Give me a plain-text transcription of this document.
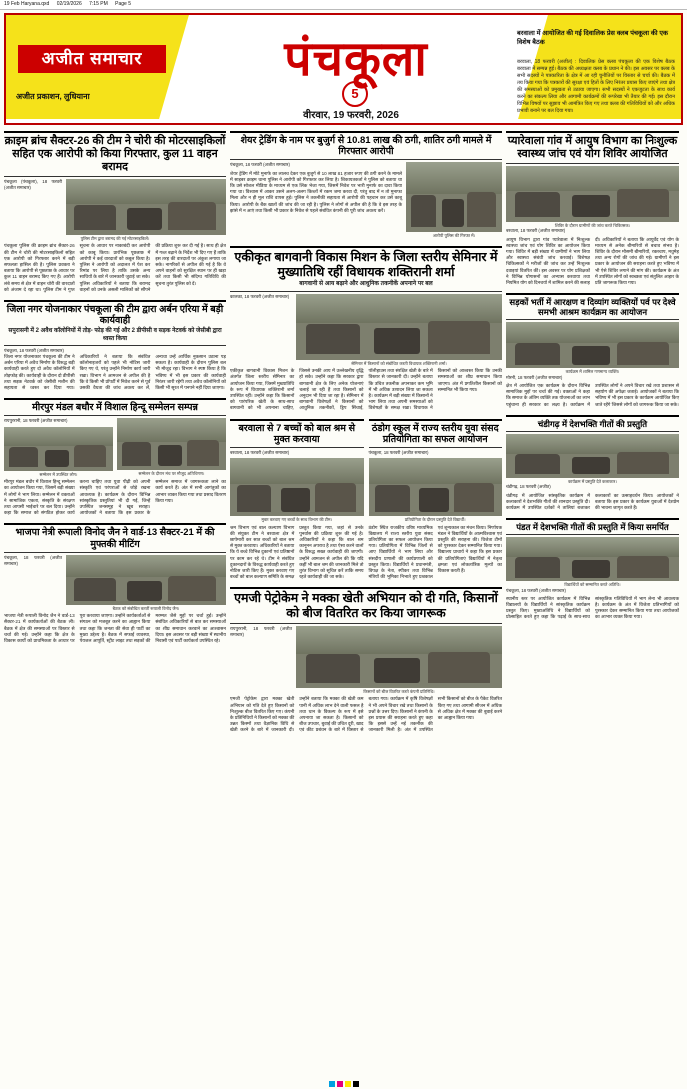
19 Feb Haryana.qxd 02/19/2026 7:15 PM Page 5
अजीत समाचार
अजीत प्रकाशन, लुधियाना
पंचकूला
5
वीरवार, 19 फरवरी, 2026
बरवाला में आयोजित की गई दिवालिक प्रेस क्लब पंचकूला की एक विशेष बैठक
बरवाला, 18 फरवरी (अजीत) : दिवालिक प्रेस क्लब पंचकूला की एक विशेष बैठक बरवाला में सम्पन्न हुई। बैठक की अध्यक्षता क्लब के प्रधान ने की। इस अवसर पर क्लब के सभी सदस्यों ने पत्रकारिता के क्षेत्र में आ रही चुनौतियों पर विस्तार से चर्चा की। बैठक में तय किया गया कि पत्रकारों की सुरक्षा एवं हितों के लिए निरंतर प्रयास किए जाएंगे तथा क्षेत्र की समस्याओं को प्रमुखता से उठाया जाएगा। सभी सदस्यों ने एकजुटता के साथ कार्य करने का संकल्प लिया और आगामी कार्यक्रमों की रूपरेखा भी तैयार की गई। इस दौरान विभिन्न विषयों पर सुझाव भी आमंत्रित किए गए तथा क्लब की गतिविधियों को और अधिक प्रभावी बनाने पर बल दिया गया।
क्राइम ब्रांच सैक्टर-26 की टीम ने चोरी की मोटरसाइकिलों सहित एक आरोपी को किया गिरफ्तार, कुल 11 वाहन बरामद
पंचकूला (पंचकूला), 18 फरवरी (अजीत समाचार)
पुलिस टीम द्वारा बरामद की गई मोटरसाइकिलें।
पंचकूला पुलिस की क्राइम ब्रांच सैक्टर-26 की टीम ने चोरी की मोटरसाइकिलों सहित एक आरोपी को गिरफ्तार करने में बड़ी सफलता हासिल की है। पुलिस प्रवक्ता ने बताया कि आरोपी से पूछताछ के आधार पर कुल 11 वाहन बरामद किए गए हैं। आरोपी लंबे समय से क्षेत्र में वाहन चोरी की वारदातों को अंजाम दे रहा था। पुलिस टीम ने गुप्त सूचना के आधार पर नाकाबंदी कर आरोपी को काबू किया। प्रारंभिक पूछताछ में आरोपी ने कई वारदातों को कबूल किया है। पुलिस ने आरोपी को अदालत में पेश कर रिमांड पर लिया है ताकि उसके अन्य साथियों के बारे में जानकारी जुटाई जा सके। पुलिस अधिकारियों ने बताया कि बरामद वाहनों को उनके असली मालिकों को सौंपने की प्रक्रिया शुरू कर दी गई है। साथ ही क्षेत्र में गश्त बढ़ाने के निर्देश भी दिए गए हैं ताकि इस तरह की वारदातों पर अंकुश लगाया जा सके। नागरिकों से अपील की गई है कि वे अपने वाहनों को सुरक्षित स्थान पर ही खड़ा करें तथा किसी भी संदिग्ध गतिविधि की सूचना तुरंत पुलिस को दें।
जिला नगर योजनाकार पंचकूला की टीम द्वारा अर्बन एरिया में बड़ी कार्यवाही
सपुरासनी में 2 अवैध कॉलोनियों में तोड़- फोड़ की गई और 2 डीपीसी व सड़क नेटवर्क को जेसीबी द्वारा ध्वस्त किया
पंचकूला, 18 फरवरी (अजीत समाचार)
जिला नगर योजनाकार पंचकूला की टीम ने अर्बन एरिया में अवैध निर्माण के विरुद्ध बड़ी कार्यवाही करते हुए दो अवैध कॉलोनियों में तोड़फोड़ की। कार्यवाही के दौरान दो डीपीसी तथा सड़क नेटवर्क को जेसीबी मशीन की सहायता से ध्वस्त कर दिया गया। अधिकारियों ने बताया कि संबंधित कॉलोनाइजरों को पहले भी नोटिस जारी किए गए थे, परंतु उन्होंने निर्माण कार्य जारी रखा। विभाग ने आमजन से अपील की है कि वे किसी भी प्रॉपर्टी में निवेश करने से पूर्व उसकी वैधता की जांच अवश्य कर लें, अन्यथा उन्हें आर्थिक नुकसान उठाना पड़ सकता है। कार्यवाही के दौरान पुलिस बल भी मौजूद रहा। विभाग ने स्पष्ट किया है कि भविष्य में भी इस प्रकार की कार्यवाही निरंतर जारी रहेगी तथा अवैध कॉलोनियों को किसी भी सूरत में पनपने नहीं दिया जाएगा।
मीरपुर मंडल बधौर में विशाल हिन्दू सम्मेलन सम्पन्न
रायपुररानी, 18 फरवरी (अजीत समाचार)
सम्मेलन में उपस्थित लोग।	सम्मेलन के दौरान मंच पर मौजूद अतिथिगण।
मीरपुर मंडल बधौर में विशाल हिन्दू सम्मेलन का आयोजन किया गया, जिसमें बड़ी संख्या में लोगों ने भाग लिया। सम्मेलन में वक्ताओं ने सामाजिक एकता, संस्कृति के संरक्षण तथा आपसी भाईचारे पर बल दिया। उन्होंने कहा कि समाज को संगठित होकर कार्य करना चाहिए तथा युवा पीढ़ी को अपनी संस्कृति एवं परंपराओं से जोड़े रखना आवश्यक है। कार्यक्रम के दौरान विभिन्न सांस्कृतिक प्रस्तुतियां भी दी गईं, जिन्हें उपस्थित जनसमूह ने खूब सराहा। आयोजकों ने बताया कि इस प्रकार के सम्मेलन समाज में जागरूकता लाने का कार्य करते हैं। अंत में सभी आगंतुकों का आभार व्यक्त किया गया तथा प्रसाद वितरण किया गया।
भाजपा नेत्री रूपाली विनोद जैन ने वार्ड-13 सैक्टर-21 में की मुफ्तकी मीटिंग
पंचकूला, 18 फरवरी (अजीत समाचार)
बैठक को संबोधित करतीं रूपाली विनोद जैन।
भाजपा नेत्री रूपाली विनोद जैन ने वार्ड-13 सैक्टर-21 में कार्यकर्ताओं की बैठक ली। बैठक में क्षेत्र की समस्याओं पर विस्तार से चर्चा की गई। उन्होंने कहा कि क्षेत्र के विकास कार्यों को प्राथमिकता के आधार पर पूरा करवाया जाएगा। उन्होंने कार्यकर्ताओं से संगठन को मजबूत करने का आह्वान किया तथा कहा कि जनता की सेवा ही पार्टी का मुख्य उद्देश्य है। बैठक में सफाई व्यवस्था, पेयजल आपूर्ति, स्ट्रीट लाइट तथा सड़कों की मरम्मत जैसे मुद्दों पर चर्चा हुई। उन्होंने संबंधित अधिकारियों से बात कर समस्याओं का शीघ्र समाधान करवाने का आश्वासन दिया। इस अवसर पर बड़ी संख्या में स्थानीय निवासी एवं पार्टी कार्यकर्ता उपस्थित रहे।
शेयर ट्रेडिंग के नाम पर बुजुर्ग से 10.81 लाख की ठगी, शातिर ठगी मामले में गिरफ्तार आरोपी
पंचकूला, 18 फरवरी (अजीत समाचार)
शेयर ट्रेडिंग में मोटे मुनाफे का लालच देकर एक बुजुर्ग से 10 लाख 81 हजार रुपए की ठगी करने के मामले में साइबर क्राइम थाना पुलिस ने आरोपी को गिरफ्तार कर लिया है। शिकायतकर्ता ने पुलिस को बताया था कि उसे सोशल मीडिया के माध्यम से एक लिंक भेजा गया, जिसमें निवेश पर भारी मुनाफे का दावा किया गया था। विश्वास में आकर उसने अलग-अलग किश्तों में रकम जमा करवा दी, परंतु बाद में न तो मुनाफा मिला और न ही मूल राशि वापस हुई। पुलिस ने तकनीकी सहायता से आरोपी की पहचान कर उसे काबू किया। आरोपी के बैंक खातों की जांच की जा रही है। पुलिस ने लोगों से अपील की है कि वे इस तरह के झांसे में न आएं तथा किसी भी प्रकार के निवेश से पहले संबंधित कंपनी की पूरी जांच अवश्य करें।
आरोपी पुलिस की गिरफ्त में।
एकीकृत बागवानी विकास मिशन के जिला स्तरीय सेमिनार में मुख्यातिथि रहीं विधायक शक्तिरानी शर्मा
बागवानी से आय बढ़ाने और आधुनिक तकनीकें अपनाने पर बल
कालका, 18 फरवरी (अजीत समाचार)
सेमिनार में किसानों को संबोधित करती विधायक शक्तिरानी शर्मा।
एकीकृत बागवानी विकास मिशन के अंतर्गत जिला स्तरीय सेमिनार का आयोजन किया गया, जिसमें मुख्यातिथि के रूप में विधायक शक्तिरानी शर्मा उपस्थित रहीं। उन्होंने कहा कि किसानों को पारंपरिक खेती के साथ-साथ बागवानी को भी अपनाना चाहिए, जिससे उनकी आय में उल्लेखनीय वृद्धि हो सके। उन्होंने कहा कि सरकार द्वारा बागवानी क्षेत्र के लिए अनेक योजनाएं चलाई जा रही हैं तथा किसानों को अनुदान भी दिया जा रहा है। सेमिनार में बागवानी विशेषज्ञों ने किसानों को आधुनिक तकनीकों, ड्रिप सिंचाई, पॉलीहाउस तथा संरक्षित खेती के बारे में विस्तार से जानकारी दी। उन्होंने बताया कि उचित तकनीक अपनाकर कम भूमि में भी अधिक उत्पादन लिया जा सकता है। कार्यक्रम में बड़ी संख्या में किसानों ने भाग लिया तथा अपनी समस्याओं को विशेषज्ञों के समक्ष रखा। विधायक ने किसानों को आश्वस्त किया कि उनकी समस्याओं का शीघ्र समाधान किया जाएगा। अंत में प्रगतिशील किसानों को सम्मानित भी किया गया।
बरवाला से 7 बच्चों को बाल श्रम से मुक्त करवाया
बरवाला, 18 फरवरी (अजीत समाचार)
मुक्त करवाए गए बच्चों के साथ विभाग की टीम।
श्रम विभाग एवं बाल कल्याण विभाग की संयुक्त टीम ने बरवाला क्षेत्र में छापेमारी कर सात बच्चों को बाल श्रम से मुक्त करवाया। अधिकारियों ने बताया कि ये बच्चे विभिन्न दुकानों एवं प्रतिष्ठानों पर काम कर रहे थे। टीम ने संबंधित दुकानदारों के विरुद्ध कार्यवाही करते हुए नोटिस जारी किए हैं। मुक्त करवाए गए बच्चों को बाल कल्याण समिति के समक्ष प्रस्तुत किया गया, जहां से उनके पुनर्वास की प्रक्रिया शुरू की गई है। अधिकारियों ने कहा कि बाल श्रम कानूनन अपराध है तथा ऐसा करने वालों के विरुद्ध सख्त कार्यवाही की जाएगी। उन्होंने आमजन से अपील की कि यदि कहीं भी बाल श्रम की जानकारी मिले तो तुरंत विभाग को सूचित करें ताकि समय रहते कार्यवाही की जा सके।
ठंडोग स्कूल में राज्य स्तरीय युवा संसद प्रतियोगिता का सफल आयोजन
पंचकूला, 18 फरवरी (अजीत समाचार)
प्रतियोगिता के दौरान प्रस्तुति देते विद्यार्थी।
ठंडोग स्थित राजकीय वरिष्ठ माध्यमिक विद्यालय में राज्य स्तरीय युवा संसद प्रतियोगिता का सफल आयोजन किया गया। प्रतियोगिता में विभिन्न जिलों से आए विद्यार्थियों ने भाग लिया और संसदीय प्रणाली की कार्यप्रणाली को प्रस्तुत किया। विद्यार्थियों ने प्रधानमंत्री, विपक्ष के नेता, स्पीकर तथा विभिन्न मंत्रियों की भूमिका निभाते हुए प्रश्नकाल एवं शून्यकाल का मंचन किया। निर्णायक मंडल ने विद्यार्थियों के आत्मविश्वास एवं प्रस्तुति की सराहना की। विजेता टीमों को पुरस्कार देकर सम्मानित किया गया। विद्यालय प्राचार्य ने कहा कि इस प्रकार की प्रतियोगिताएं विद्यार्थियों में नेतृत्व क्षमता एवं लोकतांत्रिक मूल्यों का विकास करती हैं।
एमजी पेट्रोकेम ने मक्का खेती अभियान को दी गति, किसानों को बीज वितरित कर किया जागरूक
रायपुररानी, 18 फरवरी (अजीत समाचार)
किसानों को बीज वितरित करते कंपनी प्रतिनिधि।
एमजी पेट्रोकेम द्वारा मक्का खेती अभियान को गति देते हुए किसानों को निःशुल्क बीज वितरित किए गए। कंपनी के प्रतिनिधियों ने किसानों को मक्का की उन्नत किस्मों तथा वैज्ञानिक विधि से खेती करने के बारे में जानकारी दी। उन्होंने बताया कि मक्का की खेती कम पानी में अधिक लाभ देने वाली फसल है तथा धान के विकल्प के रूप में इसे अपनाया जा सकता है। किसानों को बीज उपचार, बुवाई की उचित दूरी, खाद एवं कीट प्रबंधन के बारे में विस्तार से बताया गया। कार्यक्रम में कृषि विशेषज्ञों ने भी अपने विचार रखे तथा किसानों के प्रश्नों के उत्तर दिए। किसानों ने कंपनी के इस प्रयास की सराहना करते हुए कहा कि इससे उन्हें नई तकनीक की जानकारी मिली है। अंत में उपस्थित सभी किसानों को बीज के पैकेट वितरित किए गए तथा आगामी सीजन में अधिक से अधिक क्षेत्र में मक्का की बुवाई करने का आह्वान किया गया।
प्यारेवाला गांव में आयुष विभाग का निःशुल्क स्वास्थ्य जांच एवं योग शिविर आयोजित
शिविर के दौरान ग्रामीणों की जांच करते चिकित्सक।
बरवाला, 18 फरवरी (अजीत समाचार)
आयुष विभाग द्वारा गांव प्यारेवाला में निःशुल्क स्वास्थ्य जांच एवं योग शिविर का आयोजन किया गया। शिविर में बड़ी संख्या में ग्रामीणों ने भाग लिया और स्वास्थ्य संबंधी जांच करवाई। विशेषज्ञ चिकित्सकों ने मरीजों की जांच कर उन्हें निःशुल्क दवाइयां वितरित कीं। इस अवसर पर योग प्रशिक्षकों ने विभिन्न योगासनों का अभ्यास करवाया तथा नियमित योग को दिनचर्या में शामिल करने की सलाह दी। अधिकारियों ने बताया कि आयुर्वेद एवं योग के माध्यम से अनेक बीमारियों से बचाव संभव है। शिविर के दौरान मौसमी बीमारियों, रक्तचाप, मधुमेह तथा अन्य रोगों की जांच की गई। ग्रामीणों ने इस प्रकार के आयोजन की सराहना करते हुए भविष्य में भी ऐसे शिविर लगाने की मांग की। कार्यक्रम के अंत में उपस्थित लोगों को स्वच्छता एवं संतुलित आहार के प्रति जागरूक किया गया।
सड़कों भर्ती में आरक्षण व दिव्यांग व्यक्तियों पर्व पर देश्वे समभी आश्रम कार्यक्रम का आयोजन
कार्यक्रम में शामिल गणमान्य व्यक्ति।
मोरनी, 18 फरवरी (अजीत समाचार)
क्षेत्र में आयोजित एक कार्यक्रम के दौरान विभिन्न सामाजिक मुद्दों पर चर्चा की गई। वक्ताओं ने कहा कि समाज के अंतिम व्यक्ति तक योजनाओं का लाभ पहुंचाना ही सरकार का लक्ष्य है। कार्यक्रम में उपस्थित लोगों ने अपने विचार रखे तथा प्रशासन से सहयोग की अपेक्षा जताई। आयोजकों ने बताया कि भविष्य में भी इस प्रकार के कार्यक्रम आयोजित किए जाते रहेंगे जिससे लोगों को जागरूक किया जा सके।
चंडीगढ़ में देशभक्ति गीतों की प्रस्तुति
कार्यक्रम में प्रस्तुति देते कलाकार।
चंडीगढ़, 18 फरवरी (अजीत)
चंडीगढ़ में आयोजित सांस्कृतिक कार्यक्रम में कलाकारों ने देशभक्ति गीतों की शानदार प्रस्तुति दी। कार्यक्रम में उपस्थित दर्शकों ने तालियां बजाकर कलाकारों का उत्साहवर्धन किया। आयोजकों ने बताया कि इस प्रकार के कार्यक्रम युवाओं में देशप्रेम की भावना जागृत करते हैं।
पंडत में देशभक्ति गीतों की प्रस्तुति में किया समर्पित
विद्यार्थियों को सम्मानित करते अतिथि।
पंचकूला, 18 फरवरी (अजीत समाचार)
स्थानीय स्तर पर आयोजित कार्यक्रम में विभिन्न विद्यालयों के विद्यार्थियों ने सांस्कृतिक कार्यक्रम प्रस्तुत किए। मुख्यअतिथि ने विद्यार्थियों को प्रोत्साहित करते हुए कहा कि पढ़ाई के साथ-साथ सांस्कृतिक गतिविधियों में भाग लेना भी आवश्यक है। कार्यक्रम के अंत में विजेता प्रतिभागियों को पुरस्कार देकर सम्मानित किया गया तथा आयोजकों का आभार व्यक्त किया गया।
